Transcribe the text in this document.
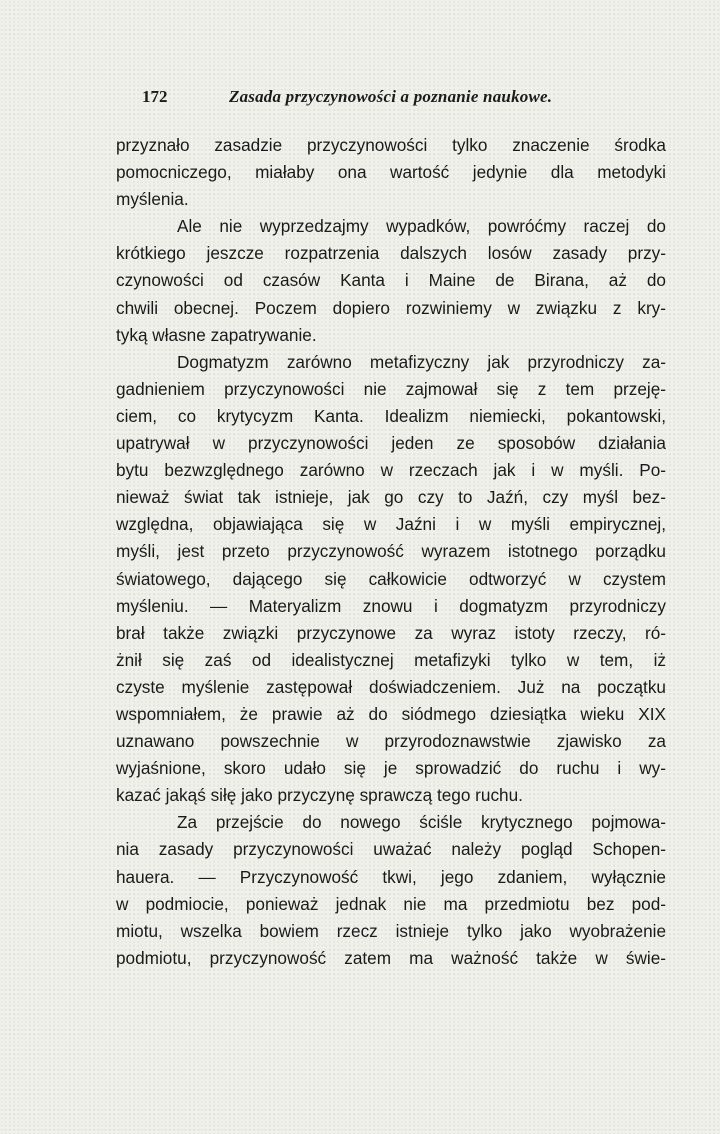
172	Zasada przyczynowości a poznanie naukowe.

przyznało zasadzie przyczynowości tylko znaczenie środka
pomocniczego, miałaby ona wartość jedynie dla metodyki
myślenia.

Ale nie wyprzedzajmy wypadków, powróćmy raczej do
krótkiego jeszcze rozpatrzenia dalszych losów zasady przy-
czynowości od czasów Kanta i Maine de Birana, aż do
chwili obecnej. Poczem dopiero rozwiniemy w związku z kry-
tyką własne zapatrywanie.

Dogmatyzm zarówno metafizyczny jak przyrodniczy za-
gadnieniem przyczynowości nie zajmował się z tem przeję-
ciem, co krytycyzm Kanta. Idealizm niemiecki, pokantowski,
upatrywał w przyczynowości jeden ze sposobów działania
bytu bezwzględnego zarówno w rzeczach jak i w myśli. Po-
nieważ świat tak istnieje, jak go czy to Jaźń, czy myśl bez-
względna, objawiająca się w Jaźni i w myśli empirycznej,
myśli, jest przeto przyczynowość wyrazem istotnego porządku
światowego, dającego się całkowicie odtworzyć w czystem
myśleniu. — Materyalizm znowu i dogmatyzm przyrodniczy
brał także związki przyczynowe za wyraz istoty rzeczy, ró-
żnił się zaś od idealistycznej metafizyki tylko w tem, iż
czyste myślenie zastępował doświadczeniem. Już na początku
wspomniałem, że prawie aż do siódmego dziesiątka wieku XIX
uznawano powszechnie w przyrodoznawstwie zjawisko za
wyjaśnione, skoro udało się je sprowadzić do ruchu i wy-
kazać jakąś siłę jako przyczynę sprawczą tego ruchu.

Za przejście do nowego ściśle krytycznego pojmowa-
nia zasady przyczynowości uważać należy pogląd Schopen-
hauera. — Przyczynowość tkwi, jego zdaniem, wyłącznie
w podmiocie, ponieważ jednak nie ma przedmiotu bez pod-
miotu, wszelka bowiem rzecz istnieje tylko jako wyobrażenie
podmiotu, przyczynowość zatem ma ważność także w świe-
